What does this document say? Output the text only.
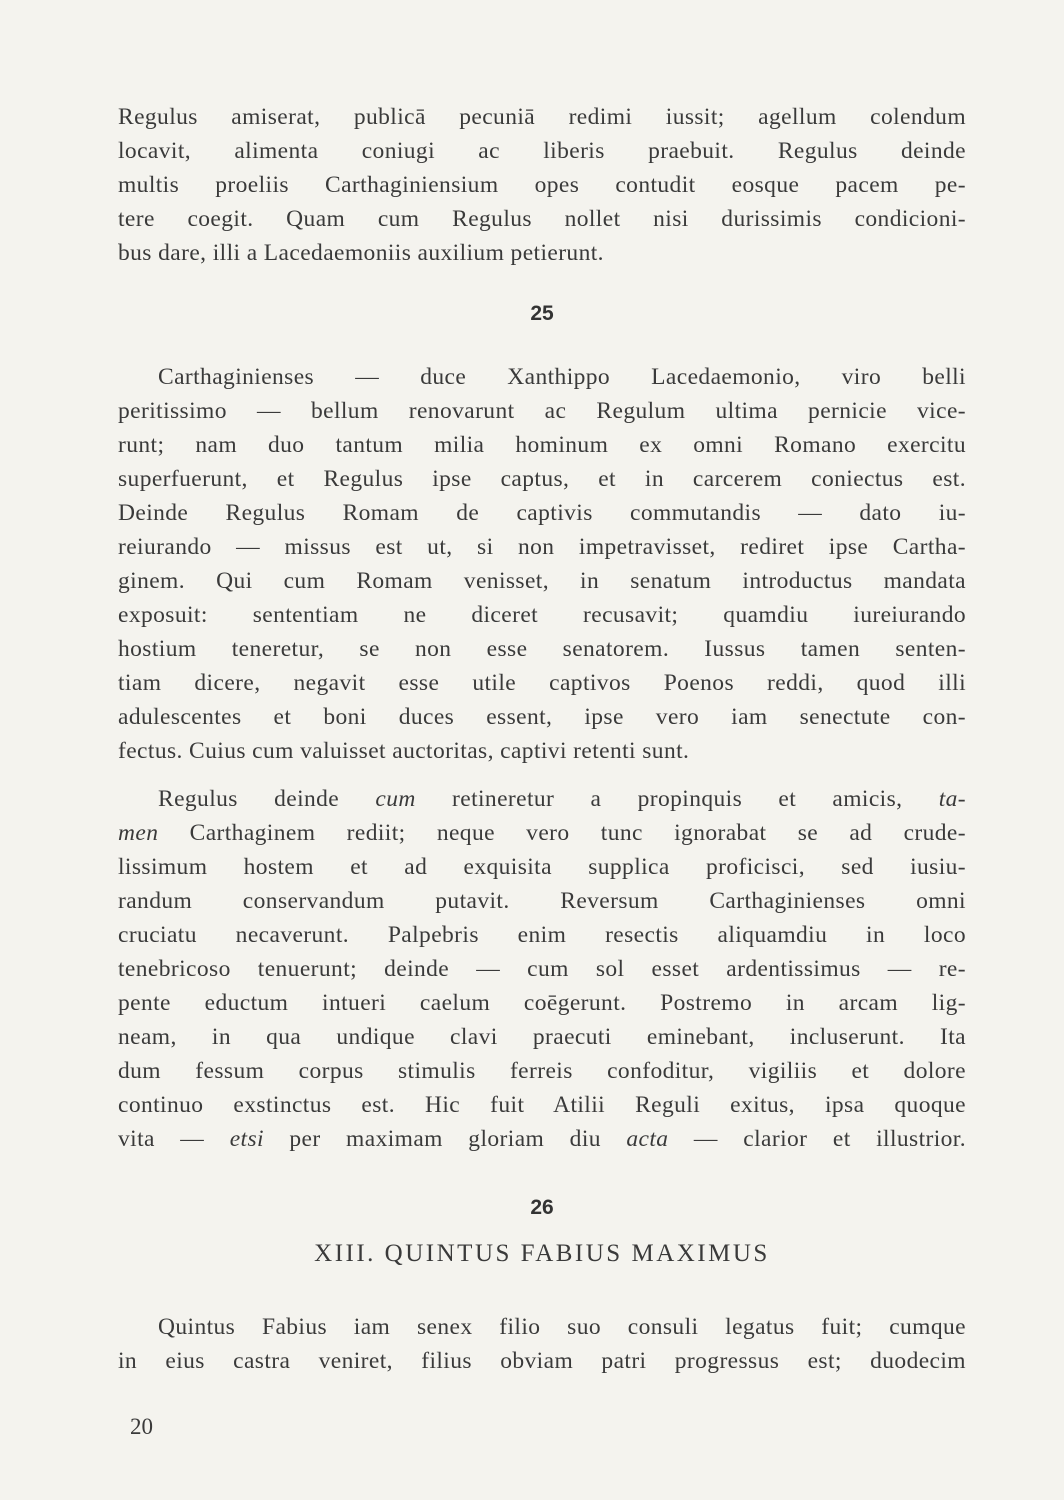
Regulus amiserat, publicā pecuniā redimi iussit; agellum colendum
locavit, alimenta coniugi ac liberis praebuit. Regulus deinde
multis proeliis Carthaginiensium opes contudit eosque pacem pe-
tere coegit. Quam cum Regulus nollet nisi durissimis condicioni-
bus dare, illi a Lacedaemoniis auxilium petierunt.
25
Carthaginienses — duce Xanthippo Lacedaemonio, viro belli
peritissimo — bellum renovarunt ac Regulum ultima pernicie vice-
runt; nam duo tantum milia hominum ex omni Romano exercitu
superfuerunt, et Regulus ipse captus, et in carcerem coniectus est.
Deinde Regulus Romam de captivis commutandis — dato iu-
reiurando — missus est ut, si non impetravisset, rediret ipse Cartha-
ginem. Qui cum Romam venisset, in senatum introductus mandata
exposuit: sententiam ne diceret recusavit; quamdiu iureiurando
hostium teneretur, se non esse senatorem. Iussus tamen senten-
tiam dicere, negavit esse utile captivos Poenos reddi, quod illi
adulescentes et boni duces essent, ipse vero iam senectute con-
fectus. Cuius cum valuisset auctoritas, captivi retenti sunt.
Regulus deinde cum retineretur a propinquis et amicis, ta-
men Carthaginem rediit; neque vero tunc ignorabat se ad crude-
lissimum hostem et ad exquisita supplica proficisci, sed iusiu-
randum conservandum putavit. Reversum Carthaginienses omni
cruciatu necaverunt. Palpebris enim resectis aliquamdiu in loco
tenebricoso tenuerunt; deinde — cum sol esset ardentissimus — re-
pente eductum intueri caelum coēgerunt. Postremo in arcam lig-
neam, in qua undique clavi praecuti eminebant, incluserunt. Ita
dum fessum corpus stimulis ferreis confoditur, vigiliis et dolore
continuo exstinctus est. Hic fuit Atilii Reguli exitus, ipsa quoque
vita — etsi per maximam gloriam diu acta — clarior et illustrior.
26
XIII. QUINTUS FABIUS MAXIMUS
Quintus Fabius iam senex filio suo consuli legatus fuit; cumque
in eius castra veniret, filius obviam patri progressus est; duodecim
20
